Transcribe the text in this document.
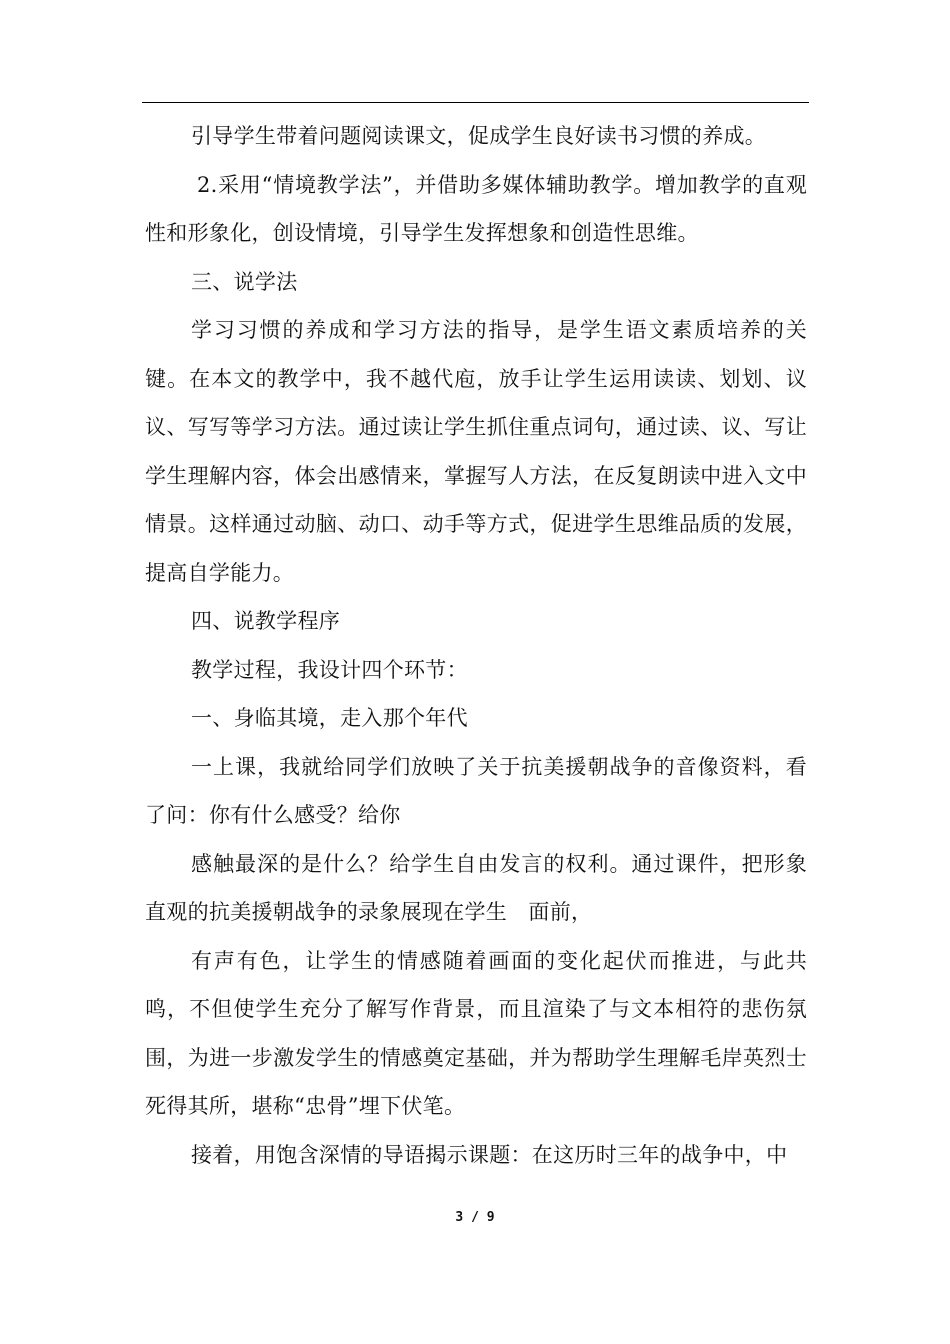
引导学生带着问题阅读课文，促成学生良好读书习惯的养成。

2.采用“情境教学法”，并借助多媒体辅助教学。增加教学的直观性和形象化，创设情境，引导学生发挥想象和创造性思维。

三、说学法

学习习惯的养成和学习方法的指导，是学生语文素质培养的关键。在本文的教学中，我不越代庖，放手让学生运用读读、划划、议议、写写等学习方法。通过读让学生抓住重点词句，通过读、议、写让学生理解内容，体会出感情来，掌握写人方法，在反复朗读中进入文中情景。这样通过动脑、动口、动手等方式，促进学生思维品质的发展，提高自学能力。

四、说教学程序

教学过程，我设计四个环节：

一、身临其境，走入那个年代

一上课，我就给同学们放映了关于抗美援朝战争的音像资料，看了问：你有什么感受？给你

感触最深的是什么？给学生自由发言的权利。通过课件，把形象直观的抗美援朝战争的录象展现在学生　面前，

有声有色，让学生的情感随着画面的变化起伏而推进，与此共鸣，不但使学生充分了解写作背景，而且渲染了与文本相符的悲伤氛围，为进一步激发学生的情感奠定基础，并为帮助学生理解毛岸英烈士死得其所，堪称“忠骨”埋下伏笔。

接着，用饱含深情的导语揭示课题：在这历时三年的战争中，中

3 / 9
